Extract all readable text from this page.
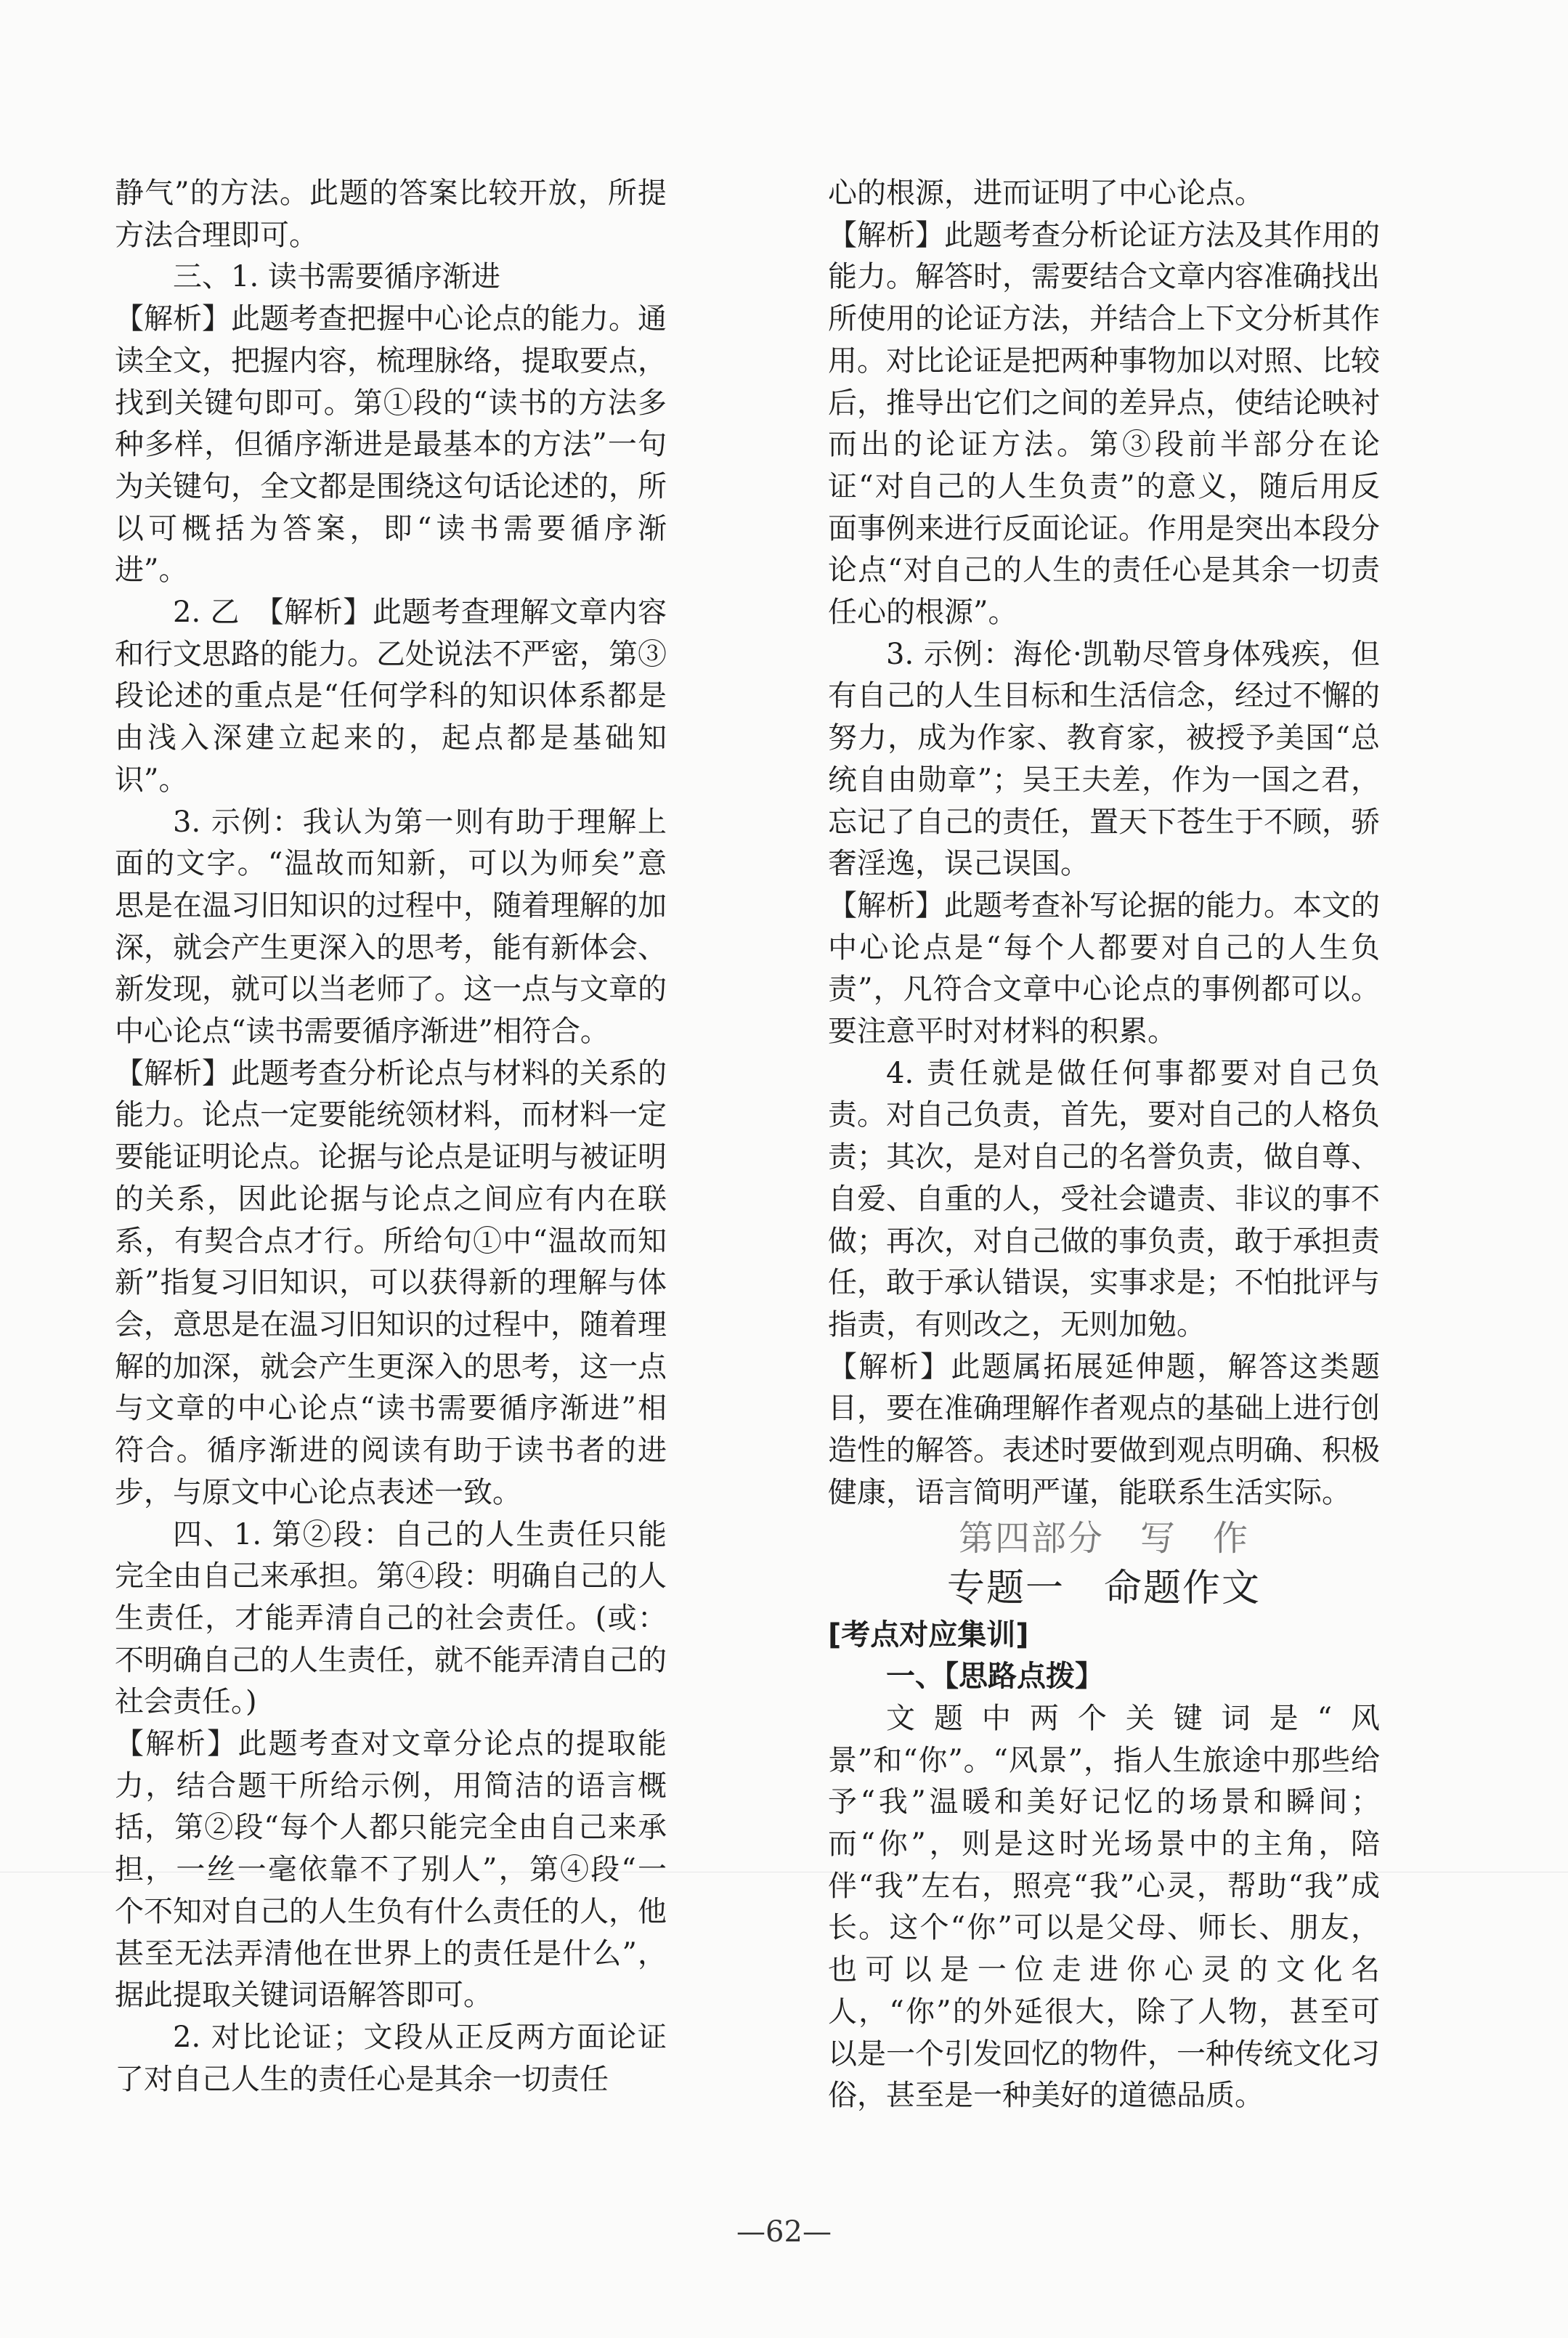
静气”的方法。此题的答案比较开放，所提方法合理即可。

三、1. 读书需要循序渐进

【解析】此题考查把握中心论点的能力。通读全文，把握内容，梳理脉络，提取要点，找到关键句即可。第①段的“读书的方法多种多样，但循序渐进是最基本的方法”一句为关键句，全文都是围绕这句话论述的，所以可概括为答案，即“读书需要循序渐进”。

2. 乙　【解析】此题考查理解文章内容和行文思路的能力。乙处说法不严密，第③段论述的重点是“任何学科的知识体系都是由浅入深建立起来的，起点都是基础知识”。

3. 示例：我认为第一则有助于理解上面的文字。“温故而知新，可以为师矣”意思是在温习旧知识的过程中，随着理解的加深，就会产生更深入的思考，能有新体会、新发现，就可以当老师了。这一点与文章的中心论点“读书需要循序渐进”相符合。

【解析】此题考查分析论点与材料的关系的能力。论点一定要能统领材料，而材料一定要能证明论点。论据与论点是证明与被证明的关系，因此论据与论点之间应有内在联系，有契合点才行。所给句①中“温故而知新”指复习旧知识，可以获得新的理解与体会，意思是在温习旧知识的过程中，随着理解的加深，就会产生更深入的思考，这一点与文章的中心论点“读书需要循序渐进”相符合。循序渐进的阅读有助于读书者的进步，与原文中心论点表述一致。

四、1. 第②段：自己的人生责任只能完全由自己来承担。第④段：明确自己的人生责任，才能弄清自己的社会责任。(或：不明确自己的人生责任，就不能弄清自己的社会责任。)

【解析】此题考查对文章分论点的提取能力，结合题干所给示例，用简洁的语言概括，第②段“每个人都只能完全由自己来承担，一丝一毫依靠不了别人”，第④段“一个不知对自己的人生负有什么责任的人，他甚至无法弄清他在世界上的责任是什么”，据此提取关键词语解答即可。

2. 对比论证；文段从正反两方面论证了对自己人生的责任心是其余一切责任

心的根源，进而证明了中心论点。

【解析】此题考查分析论证方法及其作用的能力。解答时，需要结合文章内容准确找出所使用的论证方法，并结合上下文分析其作用。对比论证是把两种事物加以对照、比较后，推导出它们之间的差异点，使结论映衬而出的论证方法。第③段前半部分在论证“对自己的人生负责”的意义，随后用反面事例来进行反面论证。作用是突出本段分论点“对自己的人生的责任心是其余一切责任心的根源”。

3. 示例：海伦·凯勒尽管身体残疾，但有自己的人生目标和生活信念，经过不懈的努力，成为作家、教育家，被授予美国“总统自由勋章”；吴王夫差，作为一国之君，忘记了自己的责任，置天下苍生于不顾，骄奢淫逸，误己误国。

【解析】此题考查补写论据的能力。本文的中心论点是“每个人都要对自己的人生负责”，凡符合文章中心论点的事例都可以。要注意平时对材料的积累。

4. 责任就是做任何事都要对自己负责。对自己负责，首先，要对自己的人格负责；其次，是对自己的名誉负责，做自尊、自爱、自重的人，受社会谴责、非议的事不做；再次，对自己做的事负责，敢于承担责任，敢于承认错误，实事求是；不怕批评与指责，有则改之，无则加勉。

【解析】此题属拓展延伸题，解答这类题目，要在准确理解作者观点的基础上进行创造性的解答。表述时要做到观点明确、积极健康，语言简明严谨，能联系生活实际。

第四部分　写　作

专题一　命题作文

[考点对应集训]

一、【思路点拨】

文题中两个关键词是“风景”和“你”。“风景”，指人生旅途中那些给予“我”温暖和美好记忆的场景和瞬间；而“你”，则是这时光场景中的主角，陪伴“我”左右，照亮“我”心灵，帮助“我”成长。这个“你”可以是父母、师长、朋友，也可以是一位走进你心灵的文化名人，“你”的外延很大，除了人物，甚至可以是一个引发回忆的物件，一种传统文化习俗，甚至是一种美好的道德品质。

—62—
